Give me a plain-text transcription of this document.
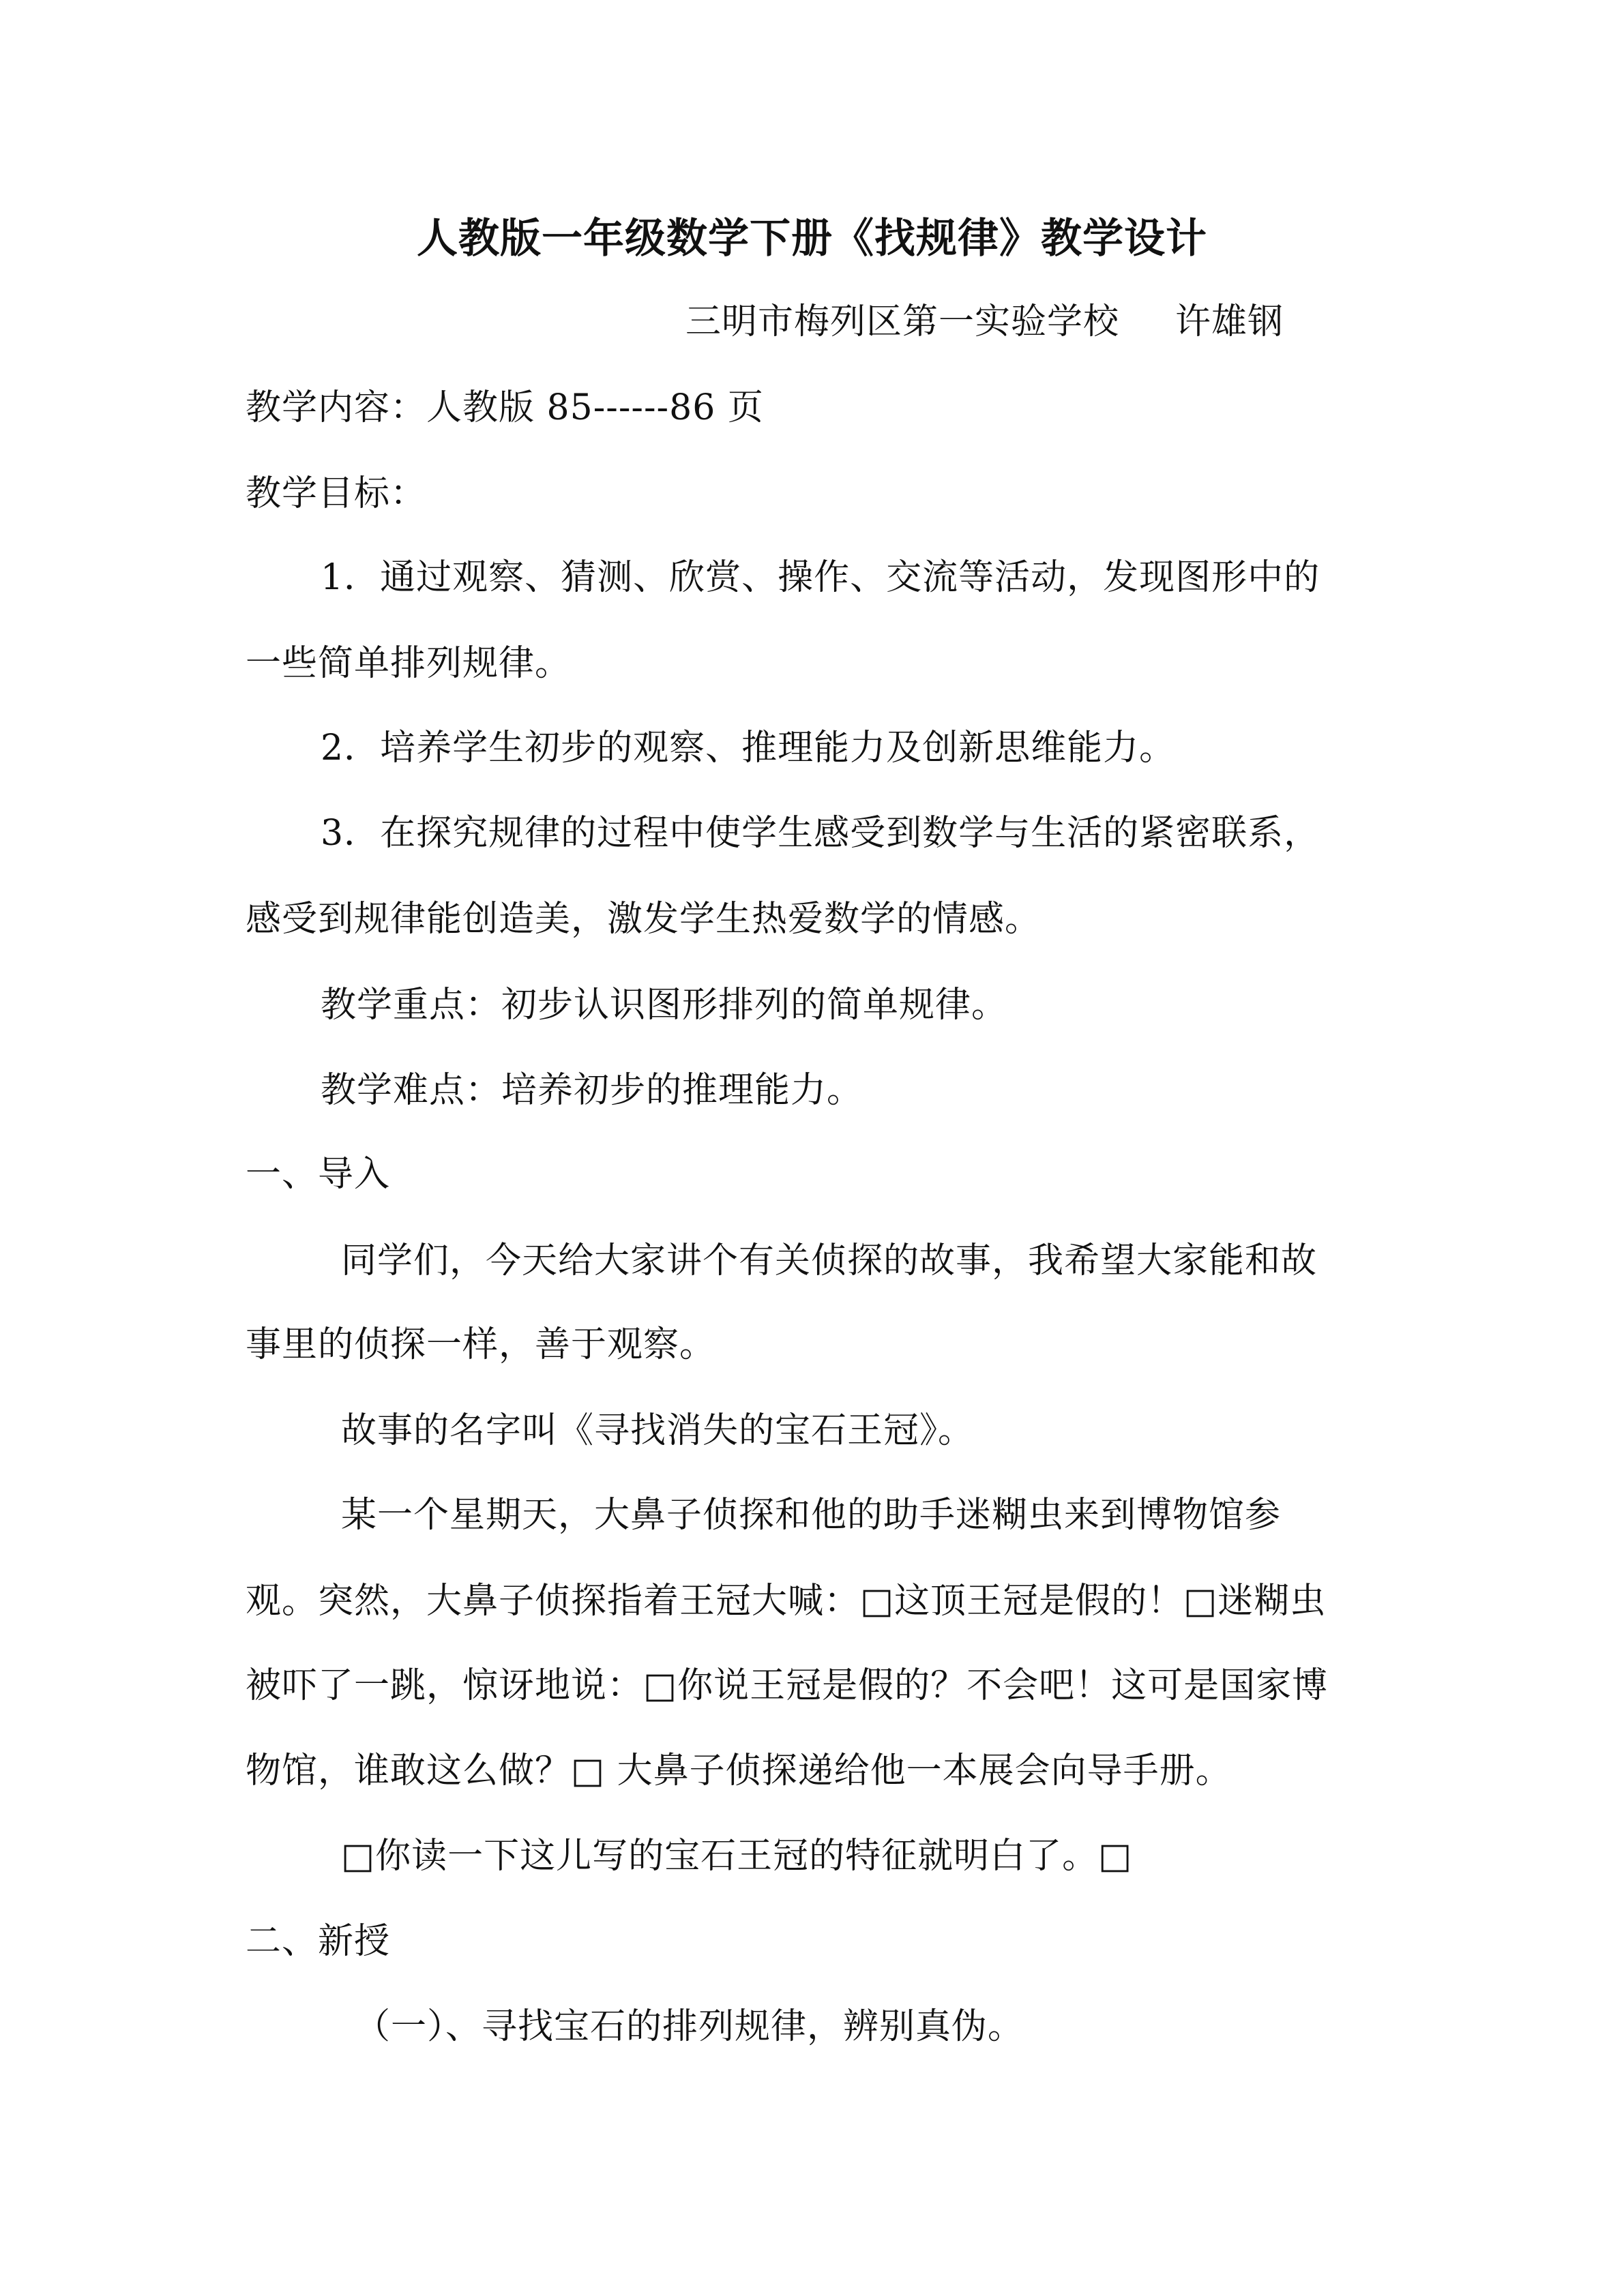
人教版一年级数学下册《找规律》教学设计
三明市梅列区第一实验学校 许雄钢
教学内容：人教版 85------86 页
教学目标：
1．通过观察、猜测、欣赏、操作、交流等活动，发现图形中的
一些简单排列规律。
2．培养学生初步的观察、推理能力及创新思维能力。
3．在探究规律的过程中使学生感受到数学与生活的紧密联系，
感受到规律能创造美，激发学生热爱数学的情感。
教学重点：初步认识图形排列的简单规律。
教学难点：培养初步的推理能力。
一、导入
同学们，今天给大家讲个有关侦探的故事，我希望大家能和故
事里的侦探一样，善于观察。
故事的名字叫《寻找消失的宝石王冠》。
某一个星期天，大鼻子侦探和他的助手迷糊虫来到博物馆参
观。突然，大鼻子侦探指着王冠大喊：□这顶王冠是假的！□迷糊虫
被吓了一跳，惊讶地说：□你说王冠是假的？不会吧！这可是国家博
物馆，谁敢这么做？□ 大鼻子侦探递给他一本展会向导手册。
□你读一下这儿写的宝石王冠的特征就明白了。□
二、新授
（一）、寻找宝石的排列规律，辨别真伪。
